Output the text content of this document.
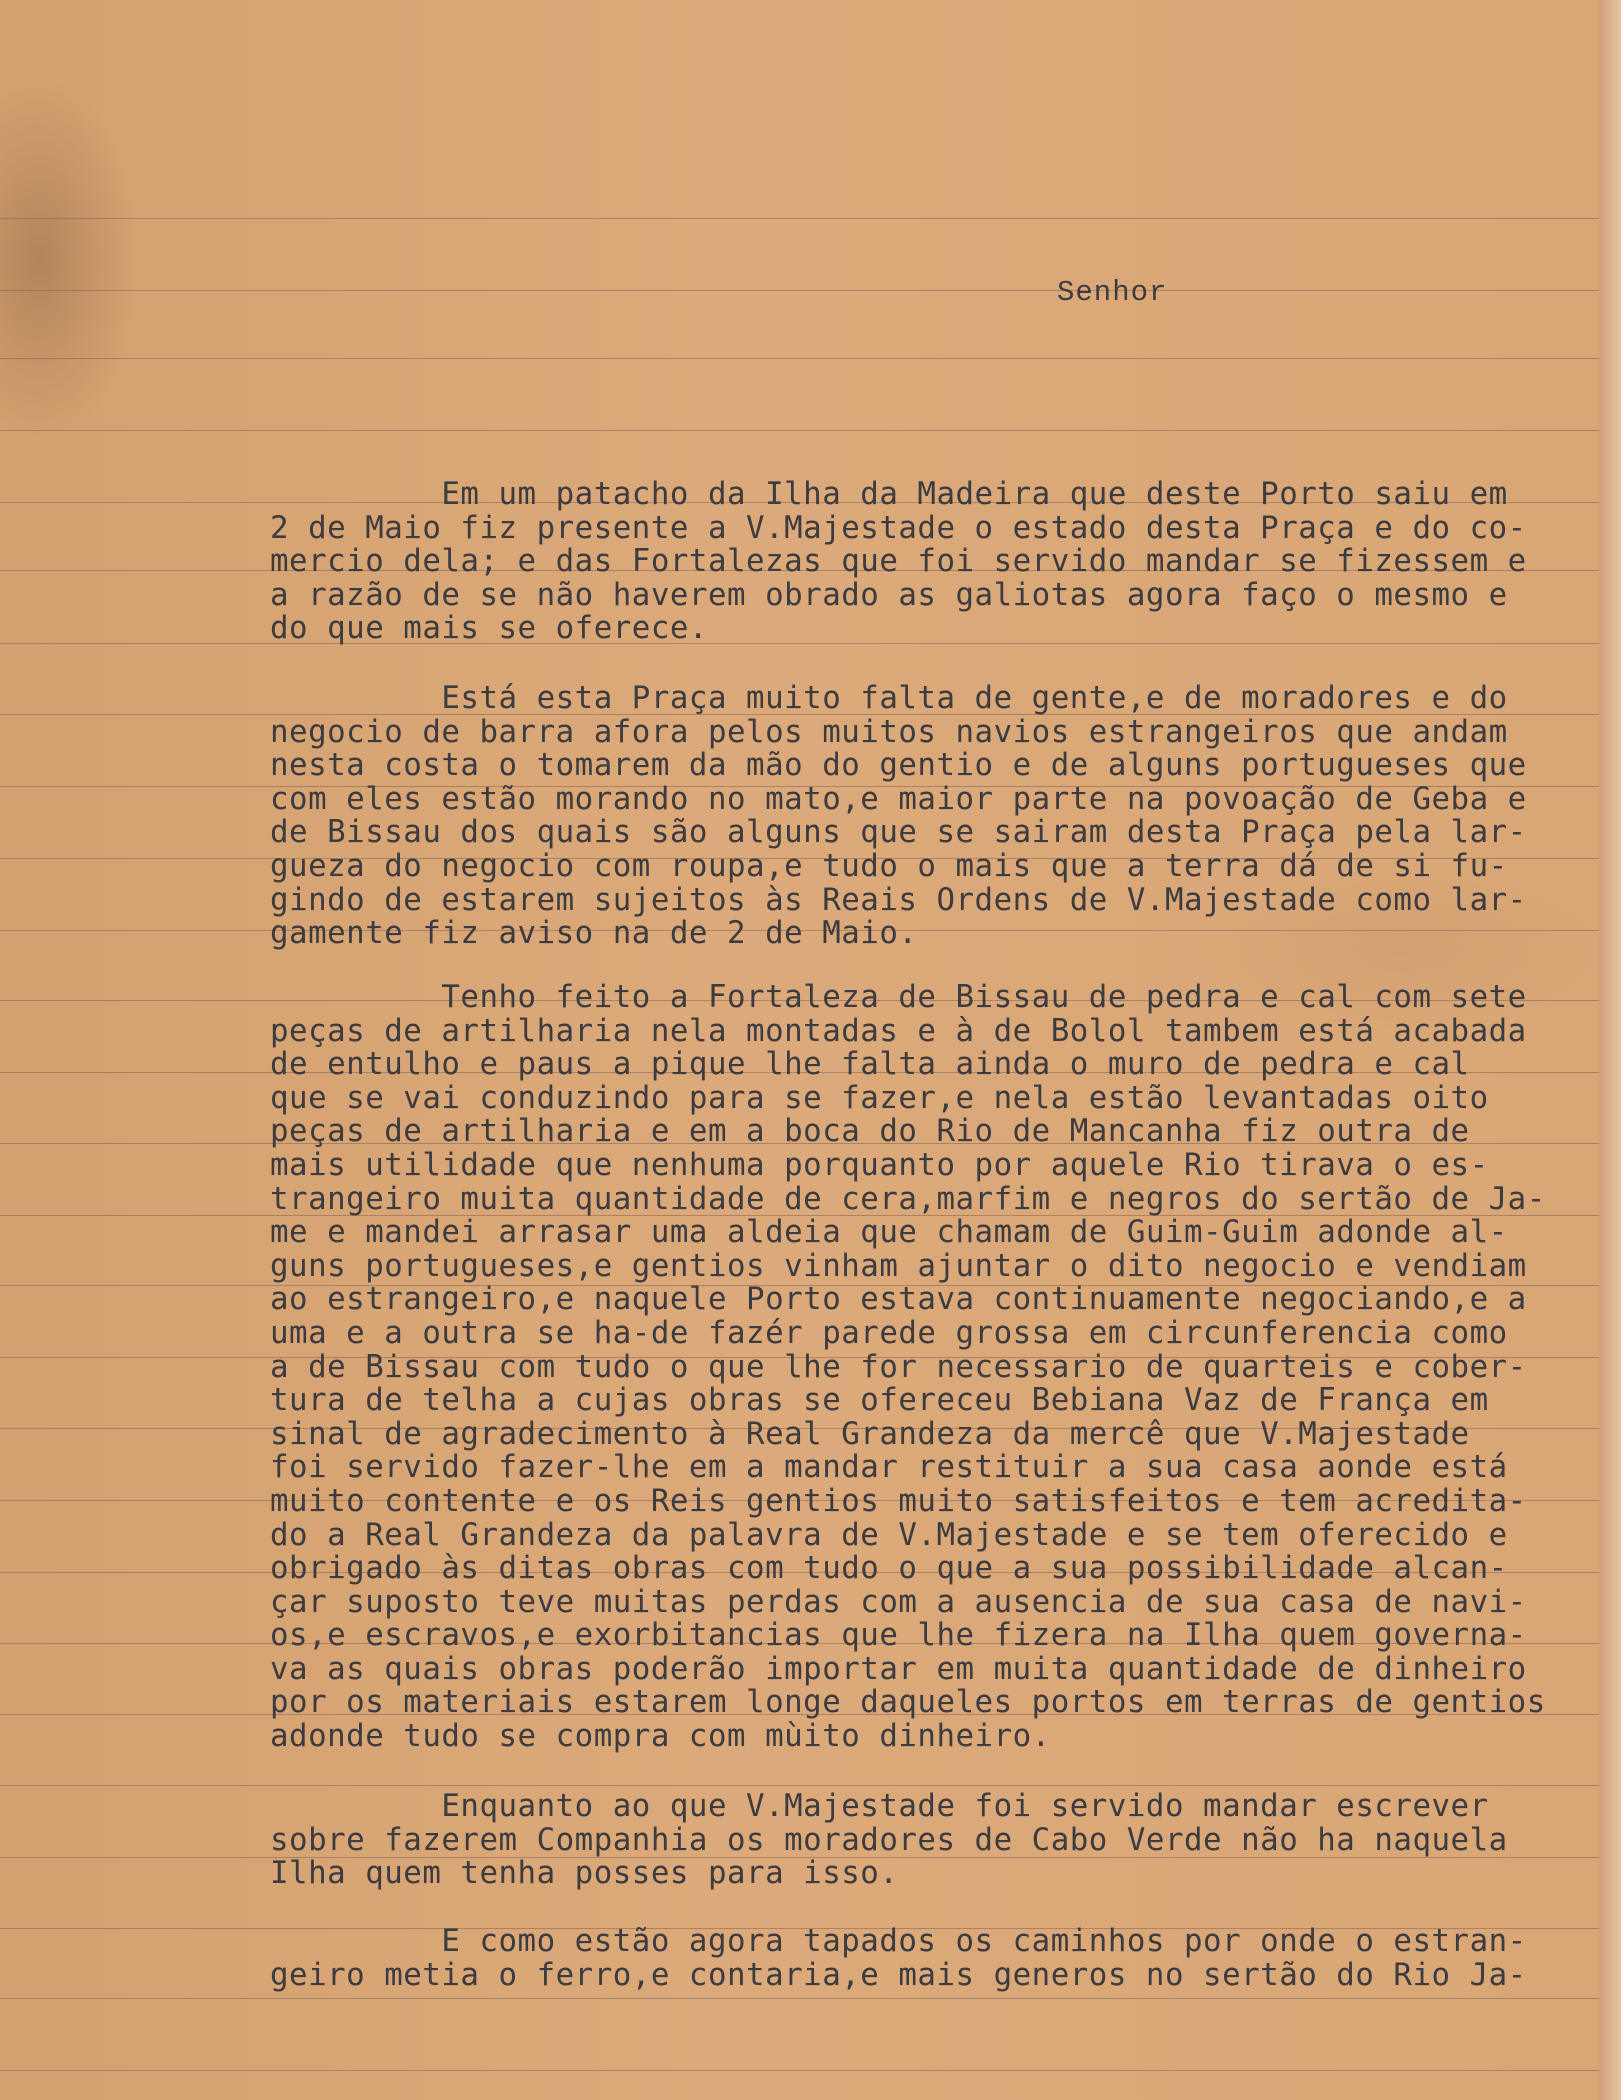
Senhor
Em um patacho da Ilha da Madeira que deste Porto saiu em
2 de Maio fiz presente a V.Majestade o estado desta Praça e do co-
mercio dela; e das Fortalezas que foi servido mandar se fizessem e
a razão de se não haverem obrado as galiotas agora faço o mesmo e
do que mais se oferece.
Está esta Praça muito falta de gente,e de moradores e do
negocio de barra afora pelos muitos navios estrangeiros que andam
nesta costa o tomarem da mão do gentio e de alguns portugueses que
com eles estão morando no mato,e maior parte na povoação de Geba e
de Bissau dos quais são alguns que se sairam desta Praça pela lar-
gueza do negocio com roupa,e tudo o mais que a terra dá de si fu-
gindo de estarem sujeitos às Reais Ordens de V.Majestade como lar-
gamente fiz aviso na de 2 de Maio.
Tenho feito a Fortaleza de Bissau de pedra e cal com sete
peças de artilharia nela montadas e à de Bolol tambem está acabada
de entulho e paus a pique lhe falta ainda o muro de pedra e cal
que se vai conduzindo para se fazer,e nela estão levantadas oito
peças de artilharia e em a boca do Rio de Mancanha fiz outra de
mais utilidade que nenhuma porquanto por aquele Rio tirava o es-
trangeiro muita quantidade de cera,marfim e negros do sertão de Ja-
me e mandei arrasar uma aldeia que chamam de Guim-Guim adonde al-
guns portugueses,e gentios vinham ajuntar o dito negocio e vendiam
ao estrangeiro,e naquele Porto estava continuamente negociando,e a
uma e a outra se ha-de fazér parede grossa em circunferencia como
a de Bissau com tudo o que lhe for necessario de quarteis e cober-
tura de telha a cujas obras se ofereceu Bebiana Vaz de França em
sinal de agradecimento à Real Grandeza da mercê que V.Majestade
foi servido fazer-lhe em a mandar restituir a sua casa aonde está
muito contente e os Reis gentios muito satisfeitos e tem acredita-
do a Real Grandeza da palavra de V.Majestade e se tem oferecido e
obrigado às ditas obras com tudo o que a sua possibilidade alcan-
çar suposto teve muitas perdas com a ausencia de sua casa de navi-
os,e escravos,e exorbitancias que lhe fizera na Ilha quem governa-
va as quais obras poderão importar em muita quantidade de dinheiro
por os materiais estarem longe daqueles portos em terras de gentios
adonde tudo se compra com mùito dinheiro.
Enquanto ao que V.Majestade foi servido mandar escrever
sobre fazerem Companhia os moradores de Cabo Verde não ha naquela
Ilha quem tenha posses para isso.
E como estão agora tapados os caminhos por onde o estran-
geiro metia o ferro,e contaria,e mais generos no sertão do Rio Ja-
